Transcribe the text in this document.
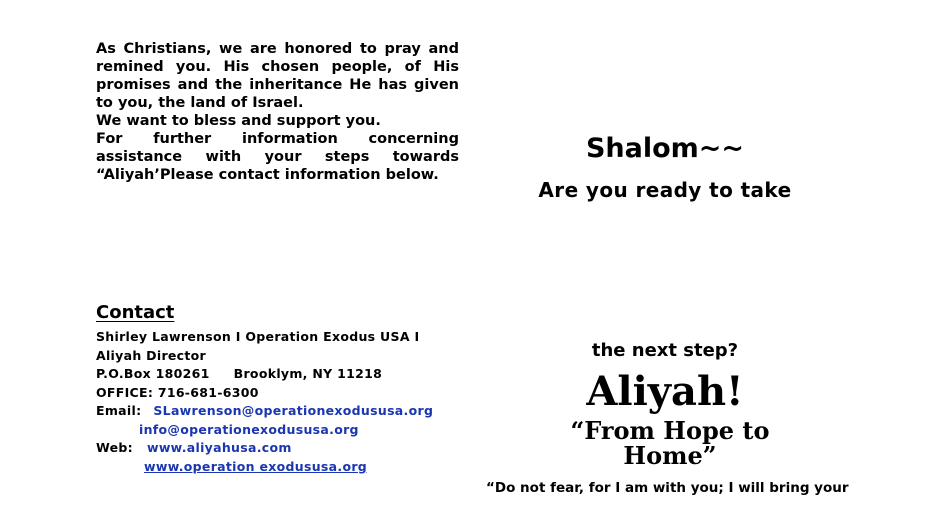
As Christians, we are honored to pray and remined you. His chosen people, of His promises and the inheritance He has given to you, the land of Israel.

We want to bless and support you.

For further information concerning assistance with your steps towards “Aliyah’Please contact information below.

Contact
Shirley Lawrenson I Operation Exodus USA I
Aliyah Director
P.O.Box 180261 Brooklym, NY 11218
OFFICE: 716-681-6300
Email: SLawrenson@operationexodususa.org
info@operationexodususa.org
Web: www.aliyahusa.com
www.operation exodususa.org
Shalom~~

Are you ready to take

the next step?

Aliyah!

“From Hope to Home”

“Do not fear, for I am with you; I will bring your
